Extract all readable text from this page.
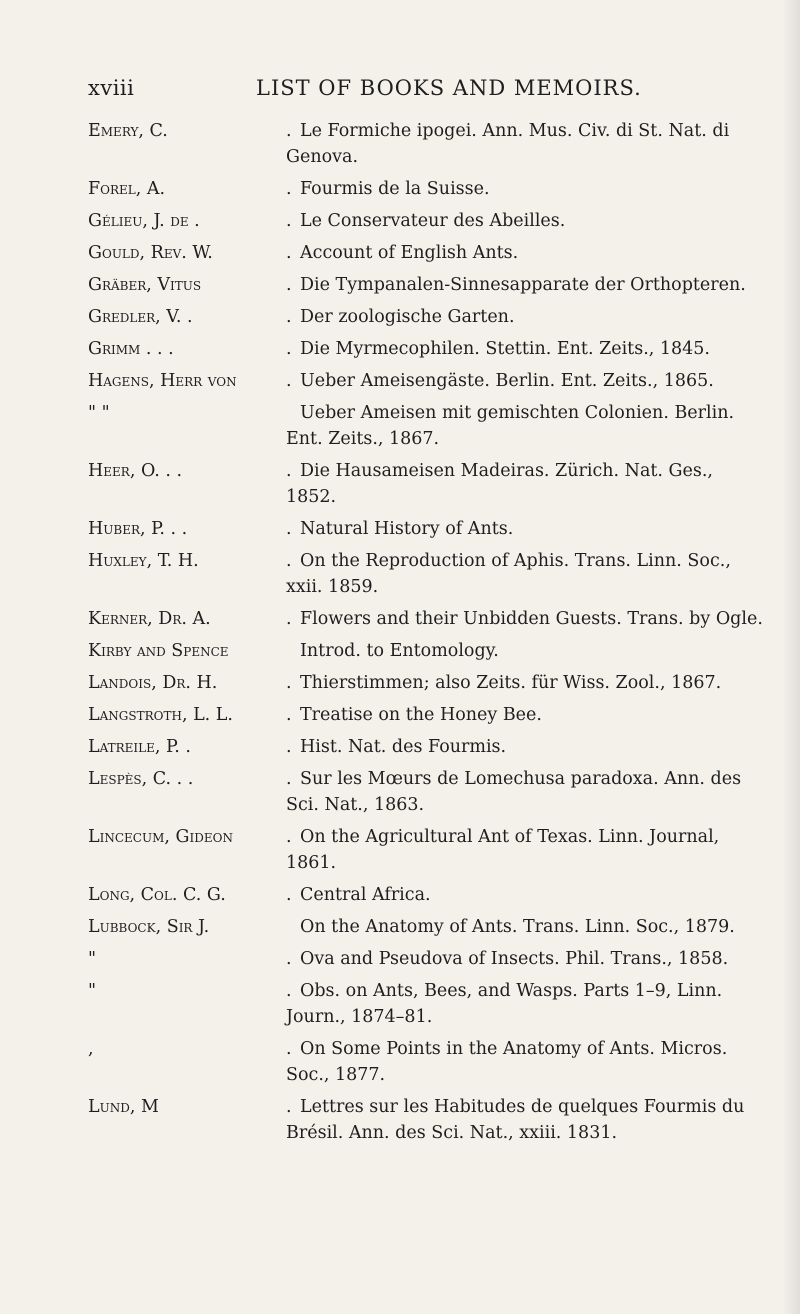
xviii	LIST OF BOOKS AND MEMOIRS.
Emery, C.	. Le Formiche ipogei. Ann. Mus. Civ. di St. Nat. di Genova.
Forel, A.	. Fourmis de la Suisse.
Gélieu, J. de .	. Le Conservateur des Abeilles.
Gould, Rev. W.	. Account of English Ants.
Gräber, Vitus	. Die Tympanalen-Sinnesapparate der Orthopteren.
Gredler, V. .	. Der zoologische Garten.
Grimm . . .	. Die Myrmecophilen. Stettin. Ent. Zeits., 1845.
Hagens, Herr von	. Ueber Ameisengäste. Berlin. Ent. Zeits., 1865.
" "	Ueber Ameisen mit gemischten Colonien. Berlin. Ent. Zeits., 1867.
Heer, O. . .	. Die Hausameisen Madeiras. Zürich. Nat. Ges., 1852.
Huber, P. . .	. Natural History of Ants.
Huxley, T. H.	. On the Reproduction of Aphis. Trans. Linn. Soc., xxii. 1859.
Kerner, Dr. A.	. Flowers and their Unbidden Guests. Trans. by Ogle.
Kirby and Spence	Introd. to Entomology.
Landois, Dr. H.	. Thierstimmen; also Zeits. für Wiss. Zool., 1867.
Langstroth, L. L.	. Treatise on the Honey Bee.
Latreile, P. .	. Hist. Nat. des Fourmis.
Lespès, C. . .	. Sur les Mœurs de Lomechusa paradoxa. Ann. des Sci. Nat., 1863.
Lincecum, Gideon	. On the Agricultural Ant of Texas. Linn. Journal, 1861.
Long, Col. C. G.	. Central Africa.
Lubbock, Sir J.	On the Anatomy of Ants. Trans. Linn. Soc., 1879.
"	. Ova and Pseudova of Insects. Phil. Trans., 1858.
"	. Obs. on Ants, Bees, and Wasps. Parts 1–9, Linn. Journ., 1874–81.
,	. On Some Points in the Anatomy of Ants. Micros. Soc., 1877.
Lund, M	. Lettres sur les Habitudes de quelques Fourmis du Brésil. Ann. des Sci. Nat., xxiii. 1831.
